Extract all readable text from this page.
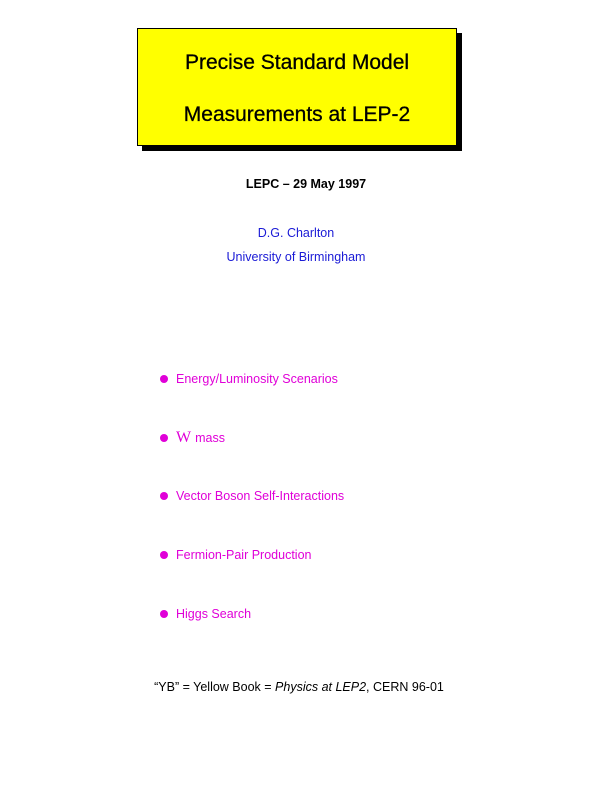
Precise Standard Model
Measurements at LEP-2
LEPC – 29 May 1997
D.G. Charlton
University of Birmingham
Energy/Luminosity Scenarios
W mass
Vector Boson Self-Interactions
Fermion-Pair Production
Higgs Search
“YB” = Yellow Book = Physics at LEP2, CERN 96-01
